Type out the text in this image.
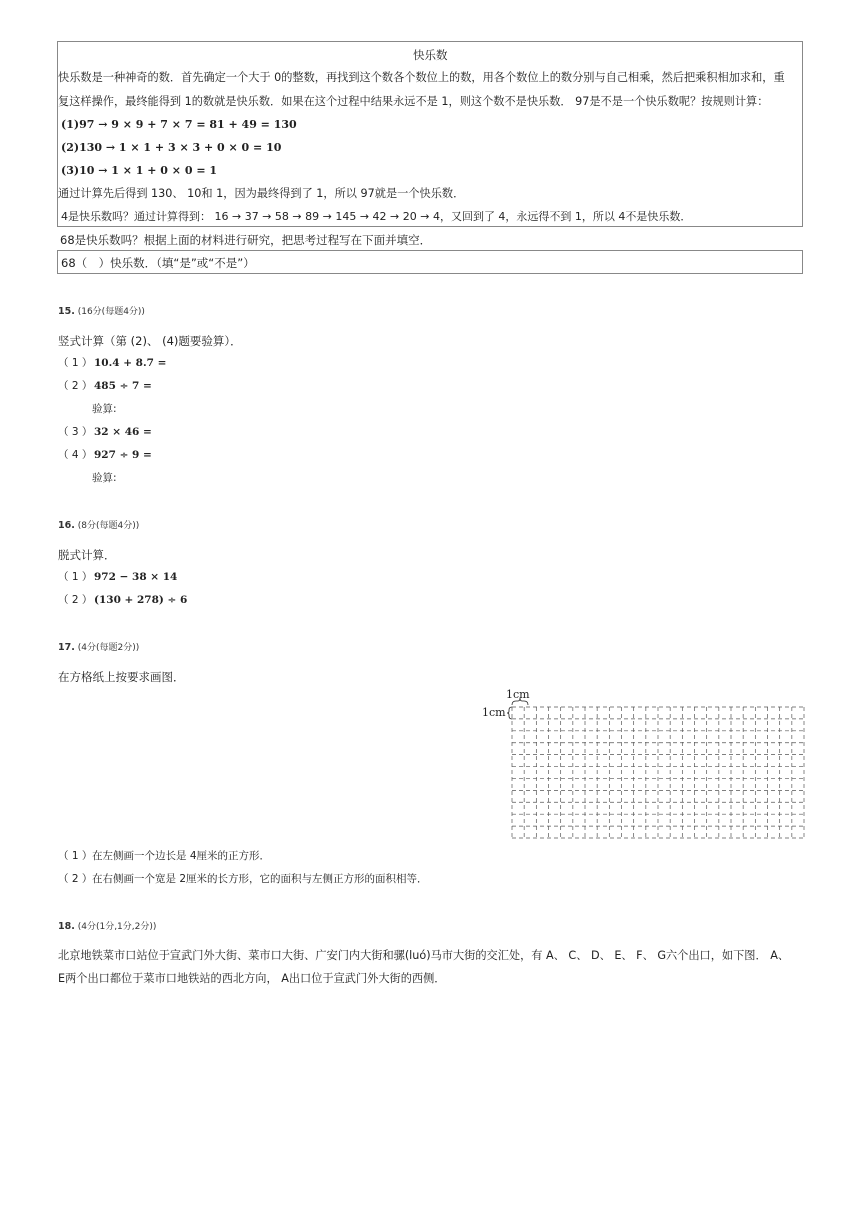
快乐数
快乐数是一种神奇的数．首先确定一个大于 0的整数，再找到这个数各个数位上的数，用各个数位上的数分别与自己相乘，然后把乘积相加求和，重
复这样操作，最终能得到 1的数就是快乐数．如果在这个过程中结果永远不是 1，则这个数不是快乐数． 97是不是一个快乐数呢？按规则计算：
(1)97 → 9 × 9 + 7 × 7 = 81 + 49 = 130
(2)130 → 1 × 1 + 3 × 3 + 0 × 0 = 10
(3)10 → 1 × 1 + 0 × 0 = 1
通过计算先后得到 130、 10和 1，因为最终得到了 1，所以 97就是一个快乐数．
4是快乐数吗？通过计算得到： 16 → 37 → 58 → 89 → 145 → 42 → 20 → 4，又回到了 4，永远得不到 1，所以 4不是快乐数．
68是快乐数吗？根据上面的材料进行研究，把思考过程写在下面并填空．
68（　）快乐数．（填“是”或“不是”）
15. (16分(每题4分))
竖式计算（第 (2)、 (4)题要验算）．
（ 1 ） 10.4 + 8.7 =
（ 2 ） 485 ÷ 7 =
验算:
（ 3 ） 32 × 46 =
（ 4 ） 927 ÷ 9 =
验算:
16. (8分(每题4分))
脱式计算．
（ 1 ） 972 − 38 × 14
（ 2 ） (130 + 278) ÷ 6
17. (4分(每题2分))
在方格纸上按要求画图．
1cm
1cm
（ 1 ） 在左侧画一个边长是 4厘米的正方形．
（ 2 ） 在右侧画一个宽是 2厘米的长方形，它的面积与左侧正方形的面积相等．
18. (4分(1分,1分,2分))
北京地铁菜市口站位于宣武门外大街、菜市口大街、广安门内大街和骡(luó)马市大街的交汇处，有 A、 C、 D、 E、 F、 G六个出口，如下图． A、
E两个出口都位于菜市口地铁站的西北方向， A出口位于宣武门外大街的西侧．
